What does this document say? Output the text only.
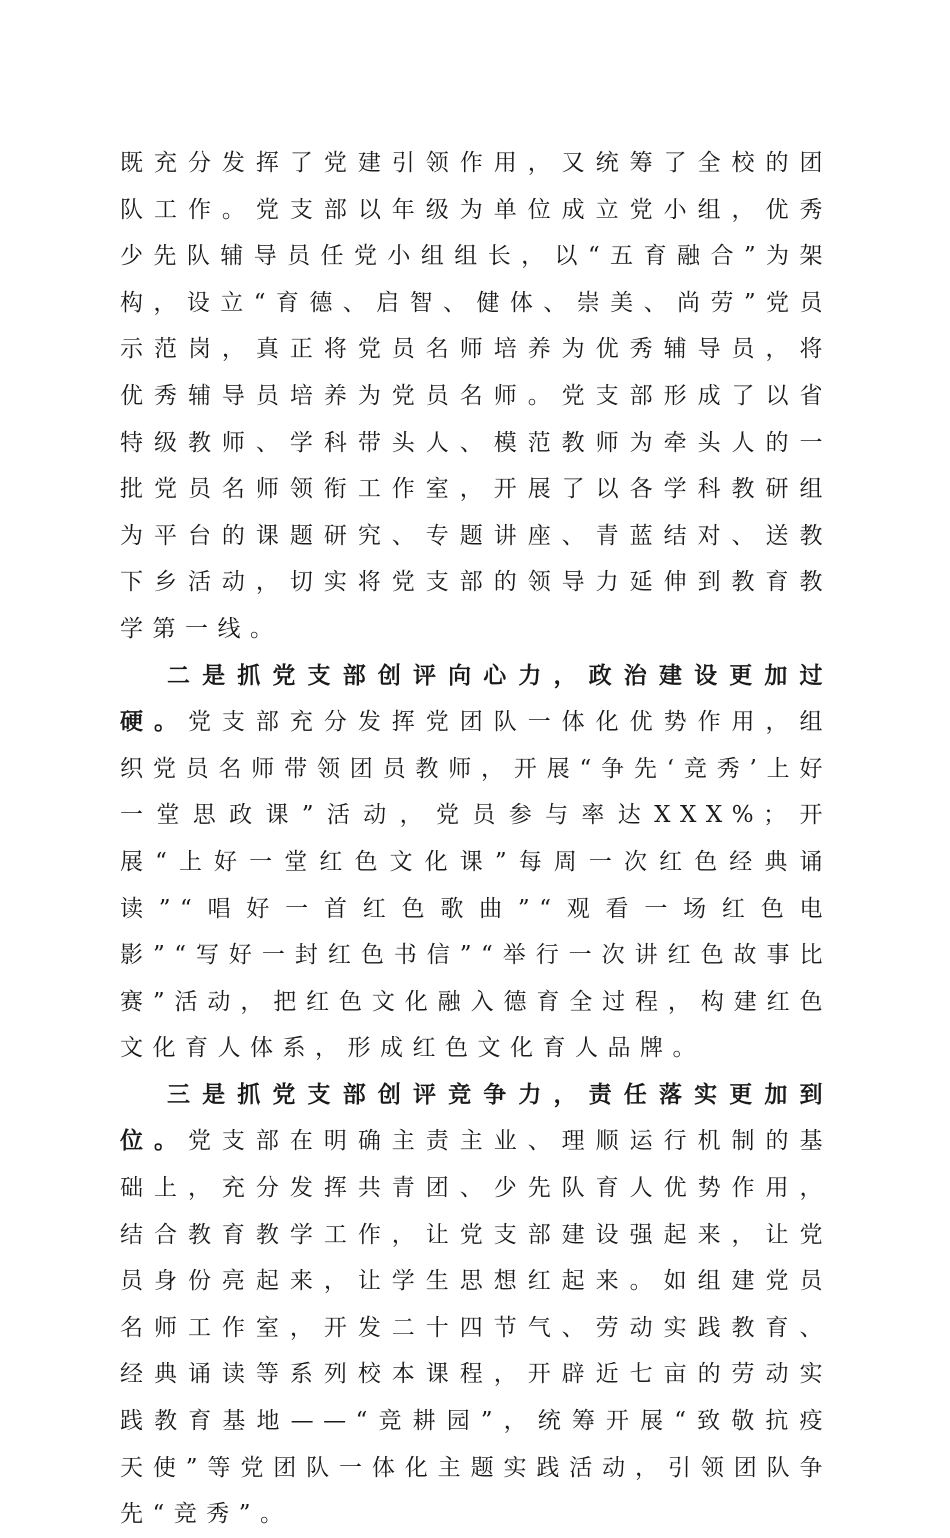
既充分发挥了党建引领作用，又统筹了全校的团队工作。党支部以年级为单位成立党小组，优秀少先队辅导员任党小组组长，以“五育融合”为架构，设立“育德、启智、健体、崇美、尚劳”党员示范岗，真正将党员名师培养为优秀辅导员，将优秀辅导员培养为党员名师。党支部形成了以省特级教师、学科带头人、模范教师为牵头人的一批党员名师领衔工作室，开展了以各学科教研组为平台的课题研究、专题讲座、青蓝结对、送教下乡活动，切实将党支部的领导力延伸到教育教学第一线。

二是抓党支部创评向心力，政治建设更加过硬。党支部充分发挥党团队一体化优势作用，组织党员名师带领团员教师，开展“争先‘竞秀’上好一堂思政课”活动，党员参与率达XXX%；开展“上好一堂红色文化课”每周一次红色经典诵读”“唱好一首红色歌曲”“观看一场红色电影”“写好一封红色书信”“举行一次讲红色故事比赛”活动，把红色文化融入德育全过程，构建红色文化育人体系，形成红色文化育人品牌。

三是抓党支部创评竞争力，责任落实更加到位。党支部在明确主责主业、理顺运行机制的基础上，充分发挥共青团、少先队育人优势作用，结合教育教学工作，让党支部建设强起来，让党员身份亮起来，让学生思想红起来。如组建党员名师工作室，开发二十四节气、劳动实践教育、经典诵读等系列校本课程，开辟近七亩的劳动实践教育基地——“竞耕园”，统筹开展“致敬抗疫天使”等党团队一体化主题实践活动，引领团队争先“竞秀”。
